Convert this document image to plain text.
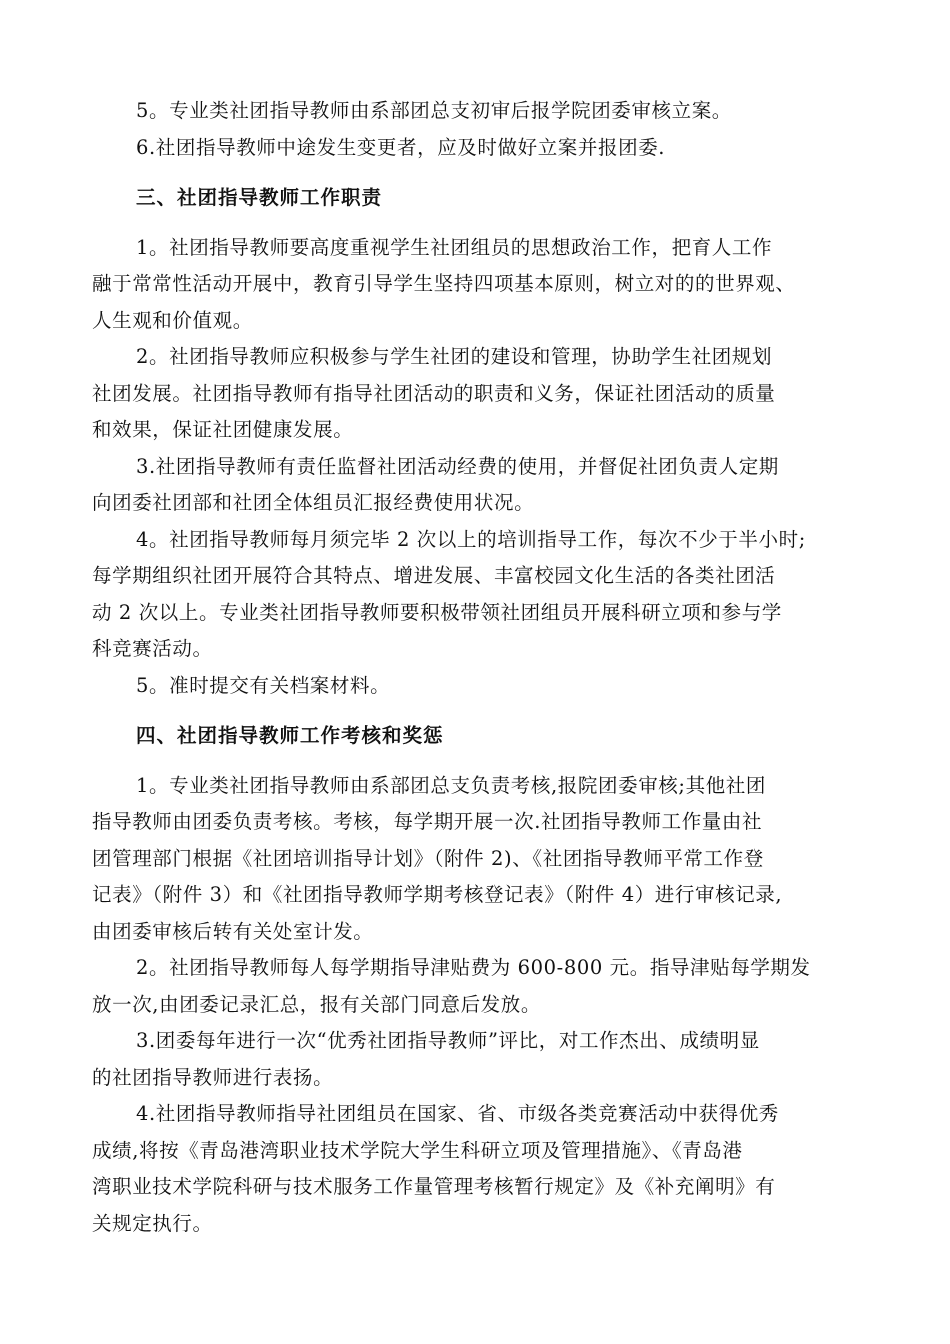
5。专业类社团指导教师由系部团总支初审后报学院团委审核立案。
6.社团指导教师中途发生变更者，应及时做好立案并报团委.
三、社团指导教师工作职责
1。社团指导教师要高度重视学生社团组员的思想政治工作，把育人工作
融于常常性活动开展中，教育引导学生坚持四项基本原则，树立对的的世界观、
人生观和价值观。
2。社团指导教师应积极参与学生社团的建设和管理，协助学生社团规划
社团发展。社团指导教师有指导社团活动的职责和义务，保证社团活动的质量
和效果，保证社团健康发展。
3.社团指导教师有责任监督社团活动经费的使用，并督促社团负责人定期
向团委社团部和社团全体组员汇报经费使用状况。
4。社团指导教师每月须完毕 2 次以上的培训指导工作，每次不少于半小时;
每学期组织社团开展符合其特点、增进发展、丰富校园文化生活的各类社团活
动 2 次以上。专业类社团指导教师要积极带领社团组员开展科研立项和参与学
科竞赛活动。
5。准时提交有关档案材料。
四、社团指导教师工作考核和奖惩
1。专业类社团指导教师由系部团总支负责考核,报院团委审核;其他社团
指导教师由团委负责考核。考核，每学期开展一次.社团指导教师工作量由社
团管理部门根据《社团培训指导计划》（附件 2)、《社团指导教师平常工作登
记表》（附件 3）和《社团指导教师学期考核登记表》（附件 4）进行审核记录,
由团委审核后转有关处室计发。
2。社团指导教师每人每学期指导津贴费为 600-800 元。指导津贴每学期发
放一次,由团委记录汇总，报有关部门同意后发放。
3.团委每年进行一次“优秀社团指导教师”评比，对工作杰出、成绩明显
的社团指导教师进行表扬。
4.社团指导教师指导社团组员在国家、省、市级各类竞赛活动中获得优秀
成绩,将按《青岛港湾职业技术学院大学生科研立项及管理措施》、《青岛港
湾职业技术学院科研与技术服务工作量管理考核暂行规定》及《补充阐明》有
关规定执行。
